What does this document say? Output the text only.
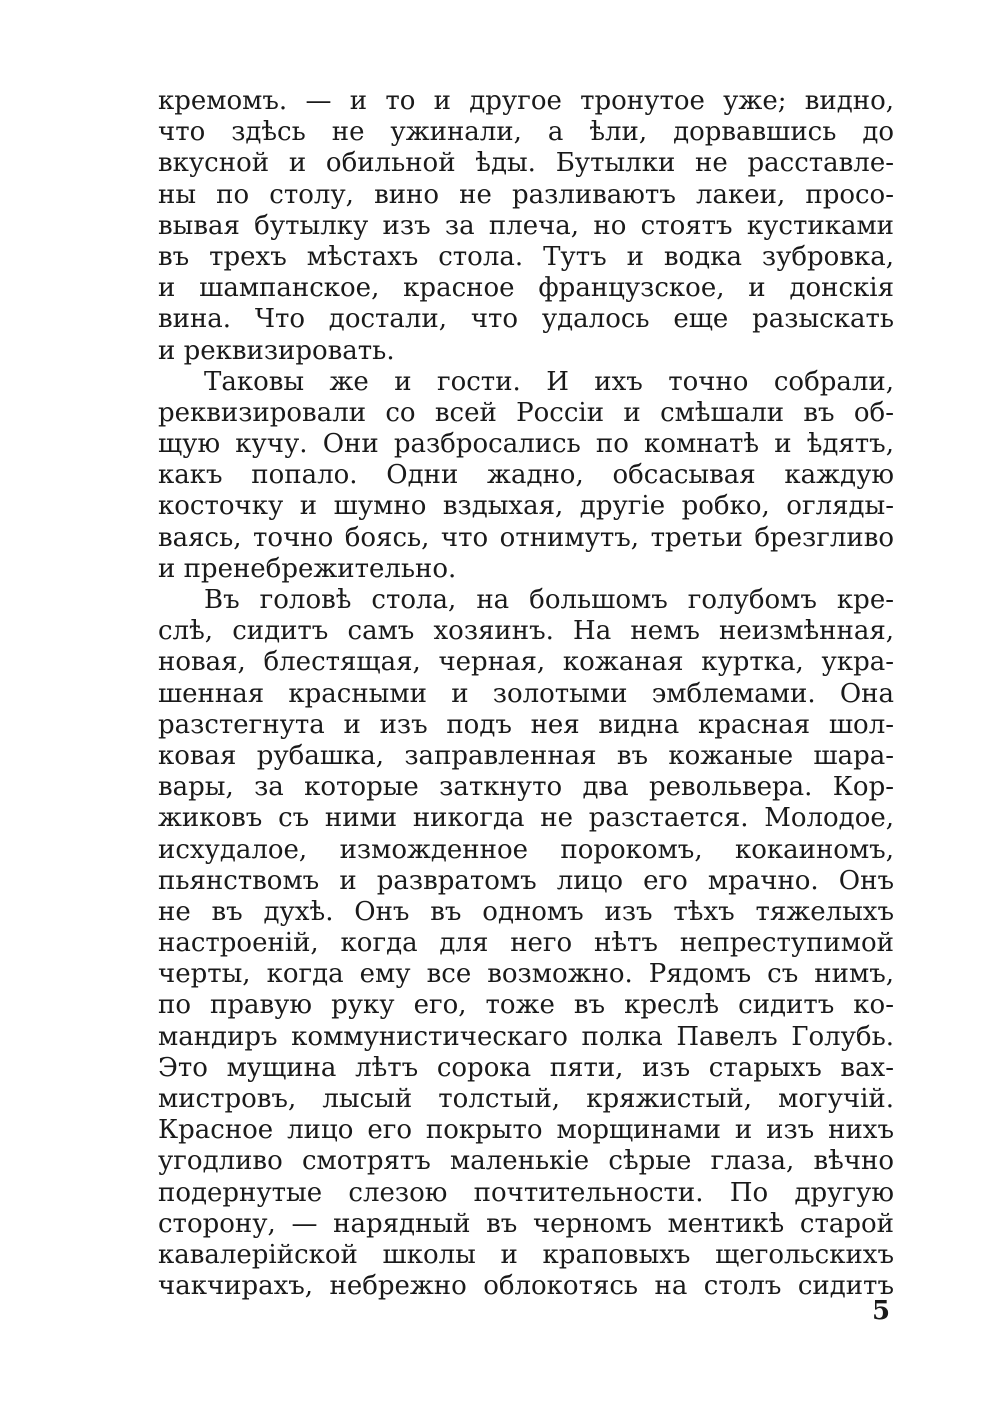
кремомъ. — и то и другое тронутое уже; видно,
что здѣсь не ужинали, а ѣли, дорвавшись до
вкусной и обильной ѣды. Бутылки не расставле-
ны по столу, вино не разливаютъ лакеи, просо-
вывая бутылку изъ за плеча, но стоятъ кустиками
въ трехъ мѣстахъ стола. Тутъ и водка зубровка,
и шампанское, красное французское, и донскія
вина. Что достали, что удалось еще разыскать
и реквизировать.
Таковы же и гости. И ихъ точно собрали,
реквизировали со всей Россіи и смѣшали въ об-
щую кучу. Они разбросались по комнатѣ и ѣдятъ,
какъ попало. Одни жадно, обсасывая каждую
косточку и шумно вздыхая, другіе робко, огляды-
ваясь, точно боясь, что отнимутъ, третьи брезгливо
и пренебрежительно.
Въ головѣ стола, на большомъ голубомъ кре-
слѣ, сидитъ самъ хозяинъ. На немъ неизмѣнная,
новая, блестящая, черная, кожаная куртка, укра-
шенная красными и золотыми эмблемами. Она
разстегнута и изъ подъ нея видна красная шол-
ковая рубашка, заправленная въ кожаные шара-
вары, за которые заткнуто два револьвера. Кор-
жиковъ съ ними никогда не разстается. Молодое,
исхудалое, изможденное порокомъ, кокаиномъ,
пьянствомъ и развратомъ лицо его мрачно. Онъ
не въ духѣ. Онъ въ одномъ изъ тѣхъ тяжелыхъ
настроеній, когда для него нѣтъ непреступимой
черты, когда ему все возможно. Рядомъ съ нимъ,
по правую руку его, тоже въ креслѣ сидитъ ко-
мандиръ коммунистическаго полка Павелъ Голубь.
Это мущина лѣтъ сорока пяти, изъ старыхъ вах-
мистровъ, лысый толстый, кряжистый, могучій.
Красное лицо его покрыто морщинами и изъ нихъ
угодливо смотрятъ маленькіе сѣрые глаза, вѣчно
подернутые слезою почтительности. По другую
сторону, — нарядный въ черномъ ментикѣ старой
кавалерійской школы и краповыхъ щегольскихъ
чакчирахъ, небрежно облокотясь на столъ сидитъ
5
